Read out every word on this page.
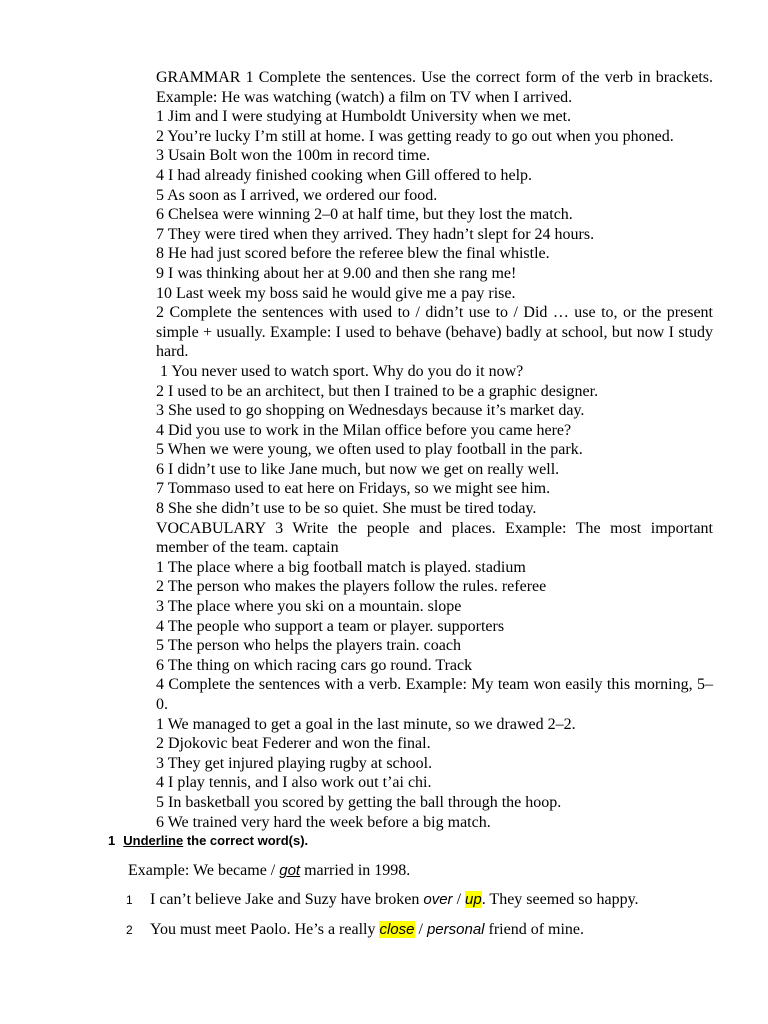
GRAMMAR 1 Complete the sentences. Use the correct form of the verb in brackets. Example: He was watching (watch) a film on TV when I arrived.

1 Jim and I were studying at Humboldt University when we met.

2 You’re lucky I’m still at home. I was getting ready to go out when you phoned.

3 Usain Bolt won the 100m in record time.

4 I had already finished cooking when Gill offered to help.

5 As soon as I arrived, we ordered our food.

6 Chelsea were winning 2–0 at half time, but they lost the match.

7 They were tired when they arrived. They hadn’t slept for 24 hours.

8 He had just scored before the referee blew the final whistle.

9 I was thinking about her at 9.00 and then she rang me!

10 Last week my boss said he would give me a pay rise.

2 Complete the sentences with used to / didn’t use to / Did … use to, or the present simple + usually. Example: I used to behave (behave) badly at school, but now I study hard.

1 You never used to watch sport. Why do you do it now?

2 I used to be an architect, but then I trained to be a graphic designer.

3 She used to go shopping on Wednesdays because it’s market day.

4 Did you use to work in the Milan office before you came here?

5 When we were young, we often used to play football in the park.

6 I didn’t use to like Jane much, but now we get on really well.

7 Tommaso used to eat here on Fridays, so we might see him.

8 She she didn’t use to be so quiet. She must be tired today.

VOCABULARY 3 Write the people and places. Example: The most important member of the team. captain

1 The place where a big football match is played. stadium

2 The person who makes the players follow the rules. referee

3 The place where you ski on a mountain. slope

4 The people who support a team or player. supporters

5 The person who helps the players train. coach

6 The thing on which racing cars go round. Track

4 Complete the sentences with a verb. Example: My team won easily this morning, 5–0.

1 We managed to get a goal in the last minute, so we drawed 2–2.

2 Djokovic beat Federer and won the final.

3 They get injured playing rugby at school.

4 I play tennis, and I also work out t’ai chi.

5 In basketball you scored by getting the ball through the hoop.

6 We trained very hard the week before a big match.

1 Underline the correct word(s).

Example: We became / got married in 1998.

1 I can’t believe Jake and Suzy have broken over / up. They seemed so happy.

2 You must meet Paolo. He’s a really close / personal friend of mine.
